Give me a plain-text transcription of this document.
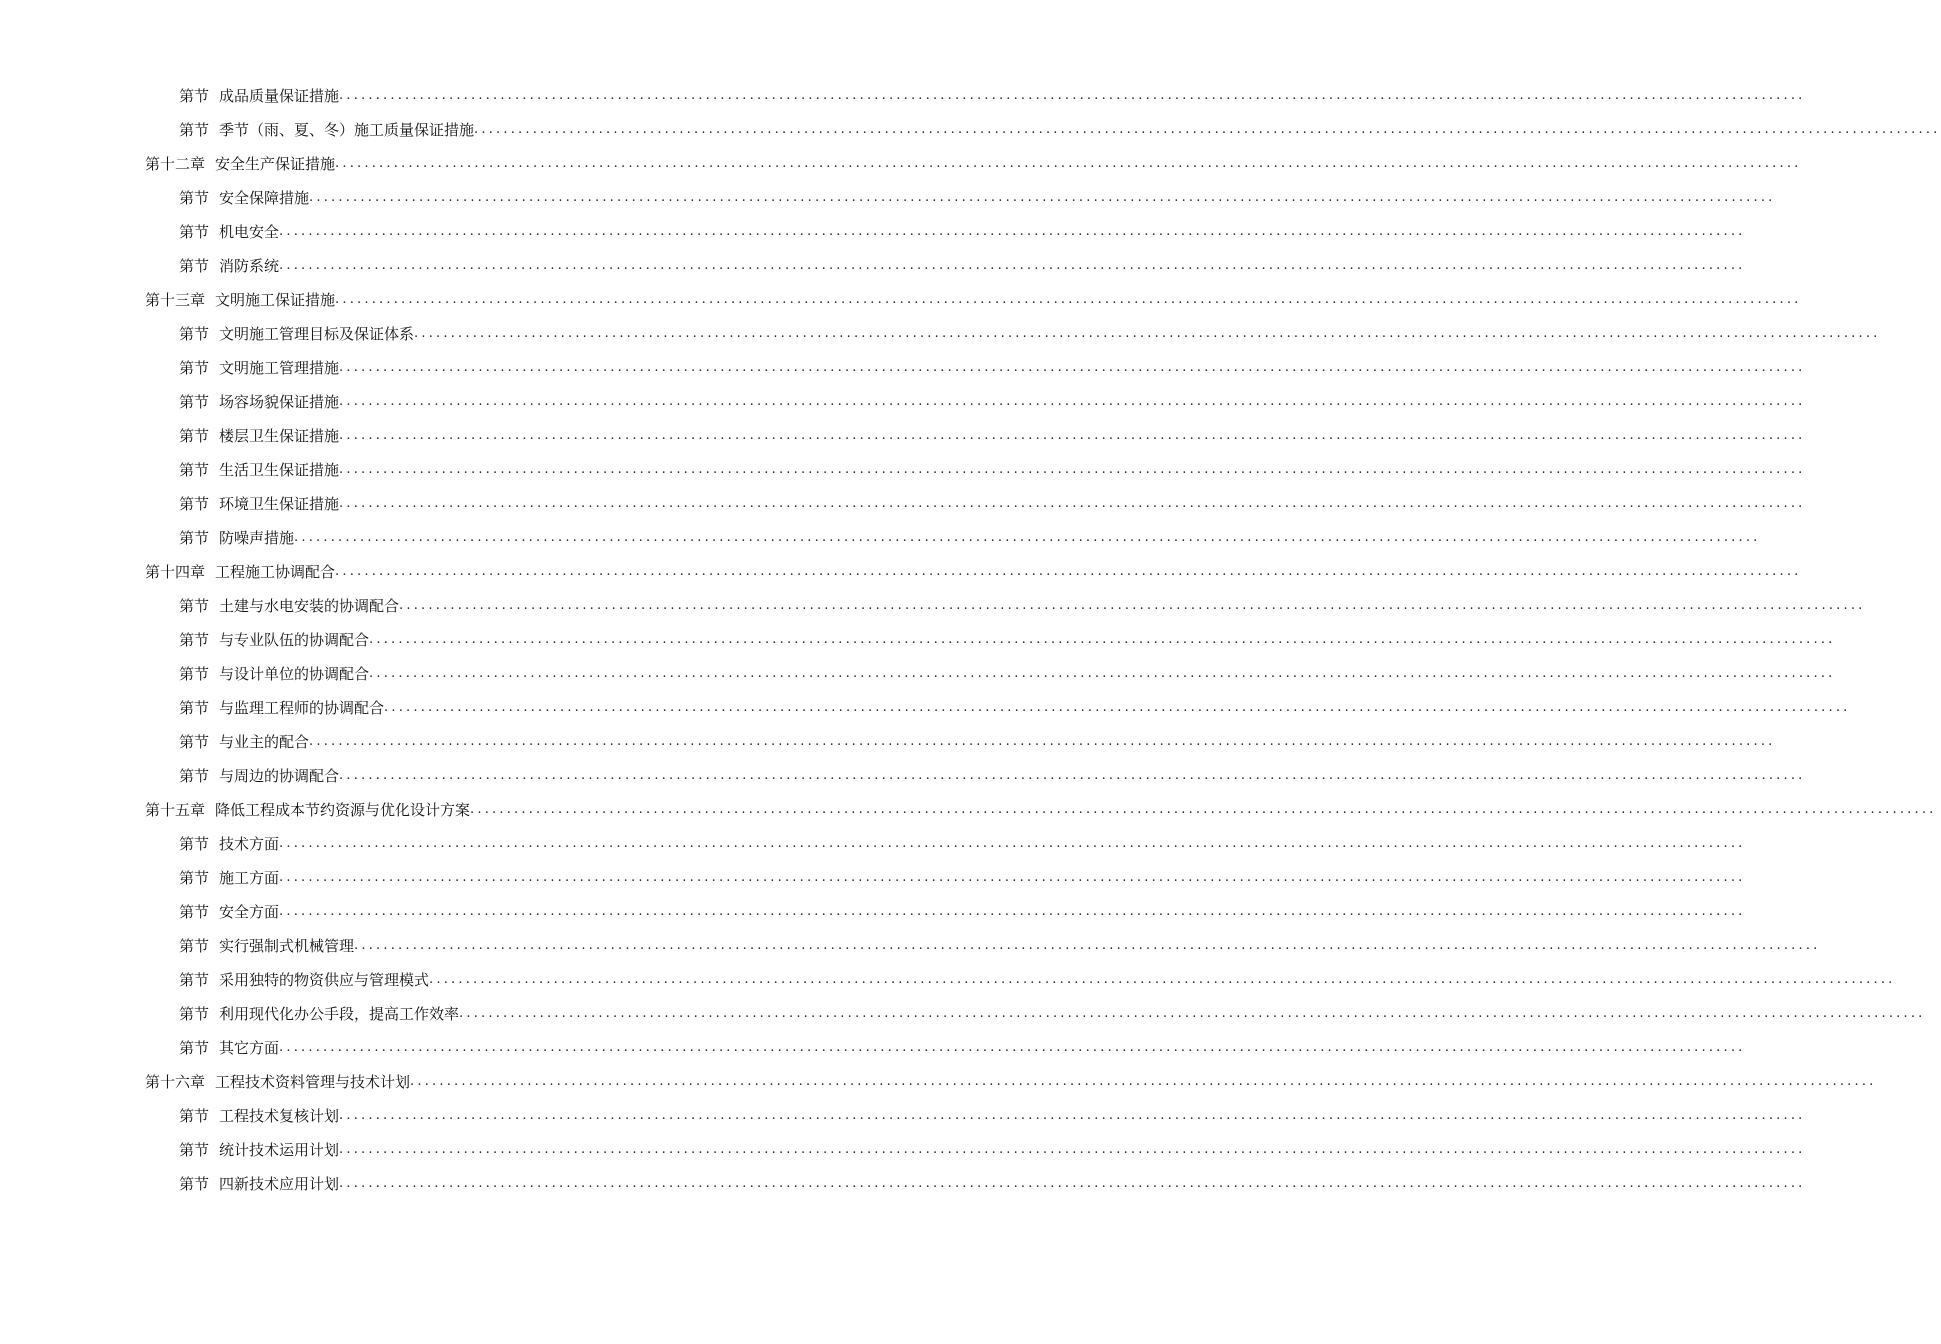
第节 成品质量保证措施 ........................................................................................................................................................................................................
第节 季节（雨、夏、冬）施工质量保证措施 ........................................................................................................................................................................................................
第十二章 安全生产保证措施 ........................................................................................................................................................................................................
第节 安全保障措施 ........................................................................................................................................................................................................
第节 机电安全 ........................................................................................................................................................................................................
第节 消防系统 ........................................................................................................................................................................................................
第十三章 文明施工保证措施 ........................................................................................................................................................................................................
第节 文明施工管理目标及保证体系 ........................................................................................................................................................................................................
第节 文明施工管理措施 ........................................................................................................................................................................................................
第节 场容场貌保证措施 ........................................................................................................................................................................................................
第节 楼层卫生保证措施 ........................................................................................................................................................................................................
第节 生活卫生保证措施 ........................................................................................................................................................................................................
第节 环境卫生保证措施 ........................................................................................................................................................................................................
第节 防噪声措施 ........................................................................................................................................................................................................
第十四章 工程施工协调配合 ........................................................................................................................................................................................................
第节 土建与水电安装的协调配合 ........................................................................................................................................................................................................
第节 与专业队伍的协调配合 ........................................................................................................................................................................................................
第节 与设计单位的协调配合 ........................................................................................................................................................................................................
第节 与监理工程师的协调配合 ........................................................................................................................................................................................................
第节 与业主的配合 ........................................................................................................................................................................................................
第节 与周边的协调配合 ........................................................................................................................................................................................................
第十五章 降低工程成本节约资源与优化设计方案 ........................................................................................................................................................................................................
第节 技术方面 ........................................................................................................................................................................................................
第节 施工方面 ........................................................................................................................................................................................................
第节 安全方面 ........................................................................................................................................................................................................
第节 实行强制式机械管理 ........................................................................................................................................................................................................
第节 采用独特的物资供应与管理模式 ........................................................................................................................................................................................................
第节 利用现代化办公手段，提高工作效率 ........................................................................................................................................................................................................
第节 其它方面 ........................................................................................................................................................................................................
第十六章 工程技术资料管理与技术计划 ........................................................................................................................................................................................................
第节 工程技术复核计划 ........................................................................................................................................................................................................
第节 统计技术运用计划 ........................................................................................................................................................................................................
第节 四新技术应用计划 ........................................................................................................................................................................................................
